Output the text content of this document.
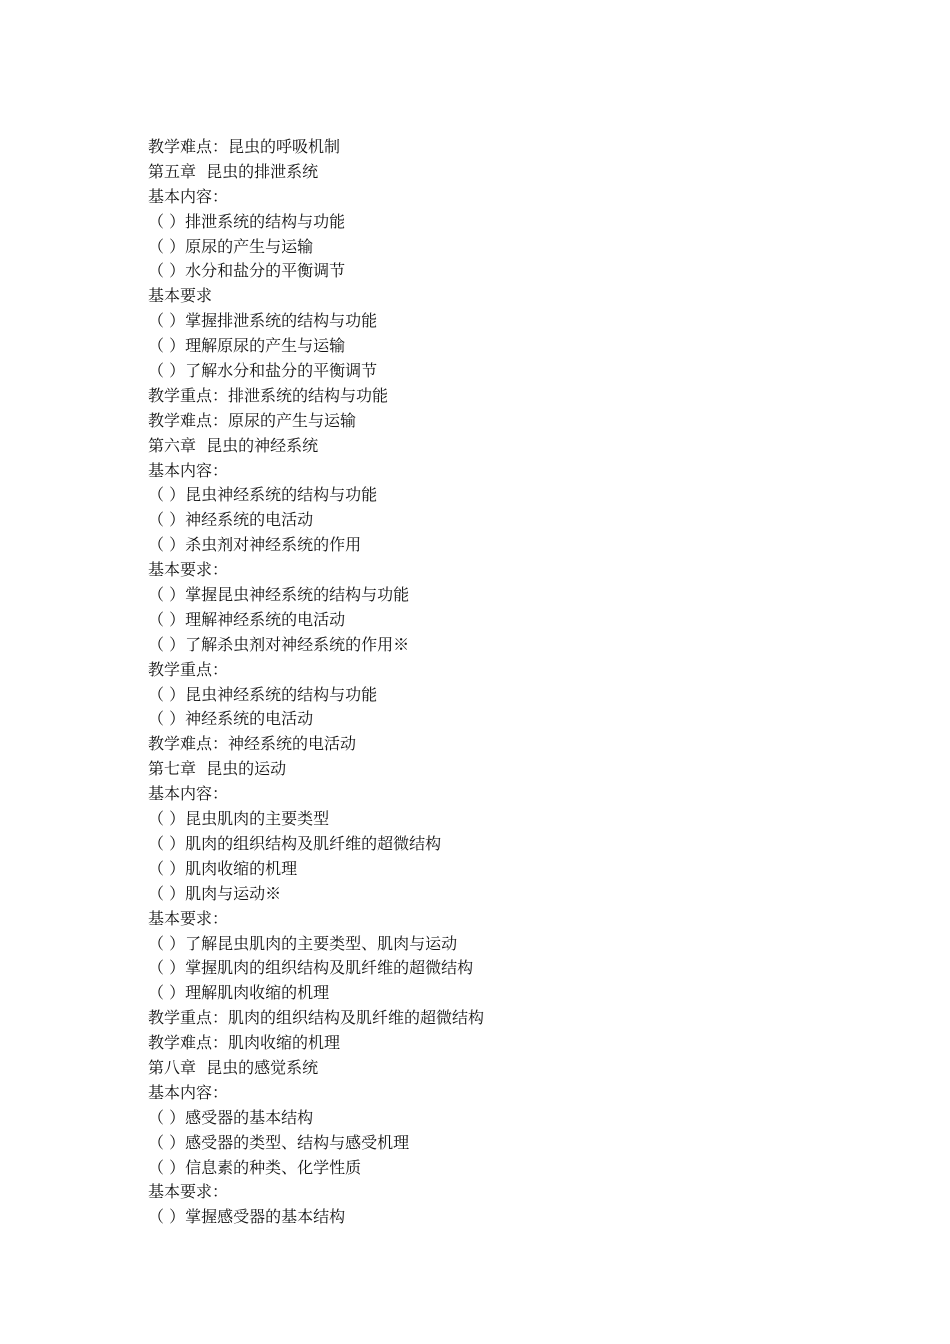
教学难点：昆虫的呼吸机制
第五章  昆虫的排泄系统
基本内容：
（ ）排泄系统的结构与功能
（ ）原尿的产生与运输
（ ）水分和盐分的平衡调节
基本要求
（ ）掌握排泄系统的结构与功能
（ ）理解原尿的产生与运输
（ ）了解水分和盐分的平衡调节
教学重点：排泄系统的结构与功能
教学难点：原尿的产生与运输
第六章  昆虫的神经系统
基本内容：
（ ）昆虫神经系统的结构与功能
（ ）神经系统的电活动
（ ）杀虫剂对神经系统的作用
基本要求：
（ ）掌握昆虫神经系统的结构与功能
（ ）理解神经系统的电活动
（ ）了解杀虫剂对神经系统的作用※
教学重点：
（ ）昆虫神经系统的结构与功能
（ ）神经系统的电活动
教学难点：神经系统的电活动
第七章  昆虫的运动
基本内容：
（ ）昆虫肌肉的主要类型
（ ）肌肉的组织结构及肌纤维的超微结构
（ ）肌肉收缩的机理
（ ）肌肉与运动※
基本要求：
（ ）了解昆虫肌肉的主要类型、肌肉与运动
（ ）掌握肌肉的组织结构及肌纤维的超微结构
（ ）理解肌肉收缩的机理
教学重点：肌肉的组织结构及肌纤维的超微结构
教学难点：肌肉收缩的机理
第八章  昆虫的感觉系统
基本内容：
（ ）感受器的基本结构
（ ）感受器的类型、结构与感受机理
（ ）信息素的种类、化学性质
基本要求：
（ ）掌握感受器的基本结构
